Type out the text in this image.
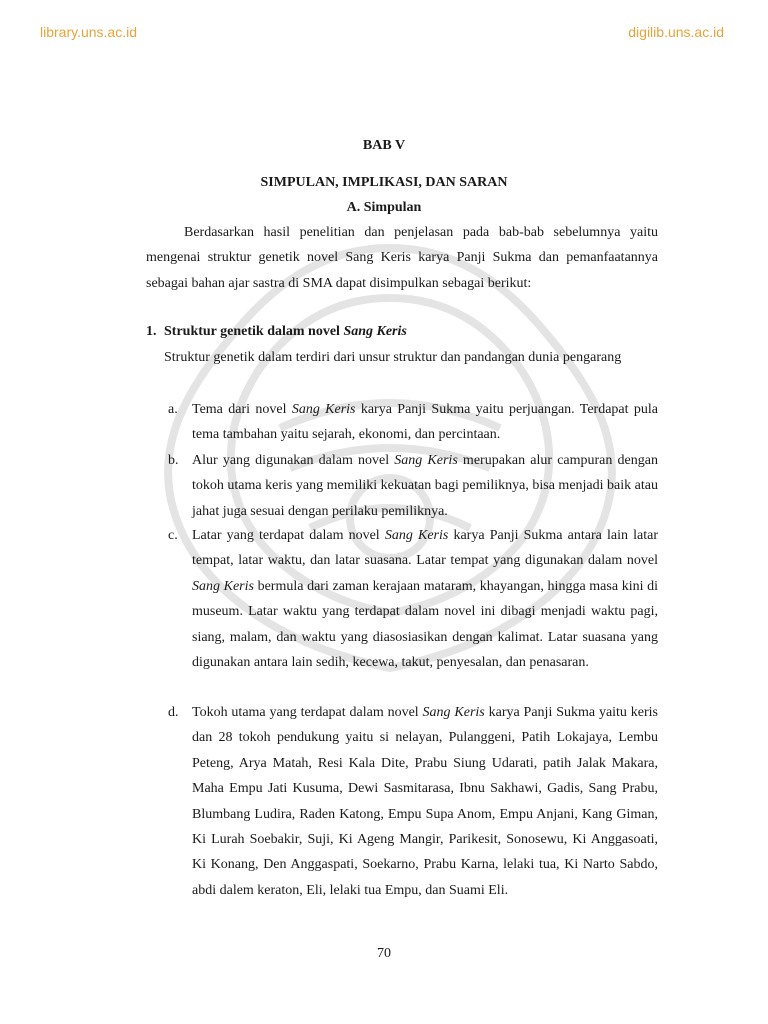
library.uns.ac.id	digilib.uns.ac.id
BAB V
SIMPULAN, IMPLIKASI, DAN SARAN
A. Simpulan

Berdasarkan hasil penelitian dan penjelasan pada bab-bab sebelumnya yaitu mengenai struktur genetik novel Sang Keris karya Panji Sukma dan pemanfaatannya sebagai bahan ajar sastra di SMA dapat disimpulkan sebagai berikut:

1. Struktur genetik dalam novel Sang Keris

Struktur genetik dalam terdiri dari unsur struktur dan pandangan dunia pengarang

a. Tema dari novel Sang Keris karya Panji Sukma yaitu perjuangan. Terdapat pula tema tambahan yaitu sejarah, ekonomi, dan percintaan.
b. Alur yang digunakan dalam novel Sang Keris merupakan alur campuran dengan tokoh utama keris yang memiliki kekuatan bagi pemiliknya, bisa menjadi baik atau jahat juga sesuai dengan perilaku pemiliknya.
c. Latar yang terdapat dalam novel Sang Keris karya Panji Sukma antara lain latar tempat, latar waktu, dan latar suasana. Latar tempat yang digunakan dalam novel Sang Keris bermula dari zaman kerajaan mataram, khayangan, hingga masa kini di museum. Latar waktu yang terdapat dalam novel ini dibagi menjadi waktu pagi, siang, malam, dan waktu yang diasosiasikan dengan kalimat. Latar suasana yang digunakan antara lain sedih, kecewa, takut, penyesalan, dan penasaran.
d. Tokoh utama yang terdapat dalam novel Sang Keris karya Panji Sukma yaitu keris dan 28 tokoh pendukung yaitu si nelayan, Pulanggeni, Patih Lokajaya, Lembu Peteng, Arya Matah, Resi Kala Dite, Prabu Siung Udarati, patih Jalak Makara, Maha Empu Jati Kusuma, Dewi Sasmitarasa, Ibnu Sakhawi, Gadis, Sang Prabu, Blumbang Ludira, Raden Katong, Empu Supa Anom, Empu Anjani, Kang Giman, Ki Lurah Soebakir, Suji, Ki Ageng Mangir, Parikesit, Sonosewu, Ki Anggasoati, Ki Konang, Den Anggaspati, Soekarno, Prabu Karna, lelaki tua, Ki Narto Sabdo, abdi dalem keraton, Eli, lelaki tua Empu, dan Suami Eli.
70
